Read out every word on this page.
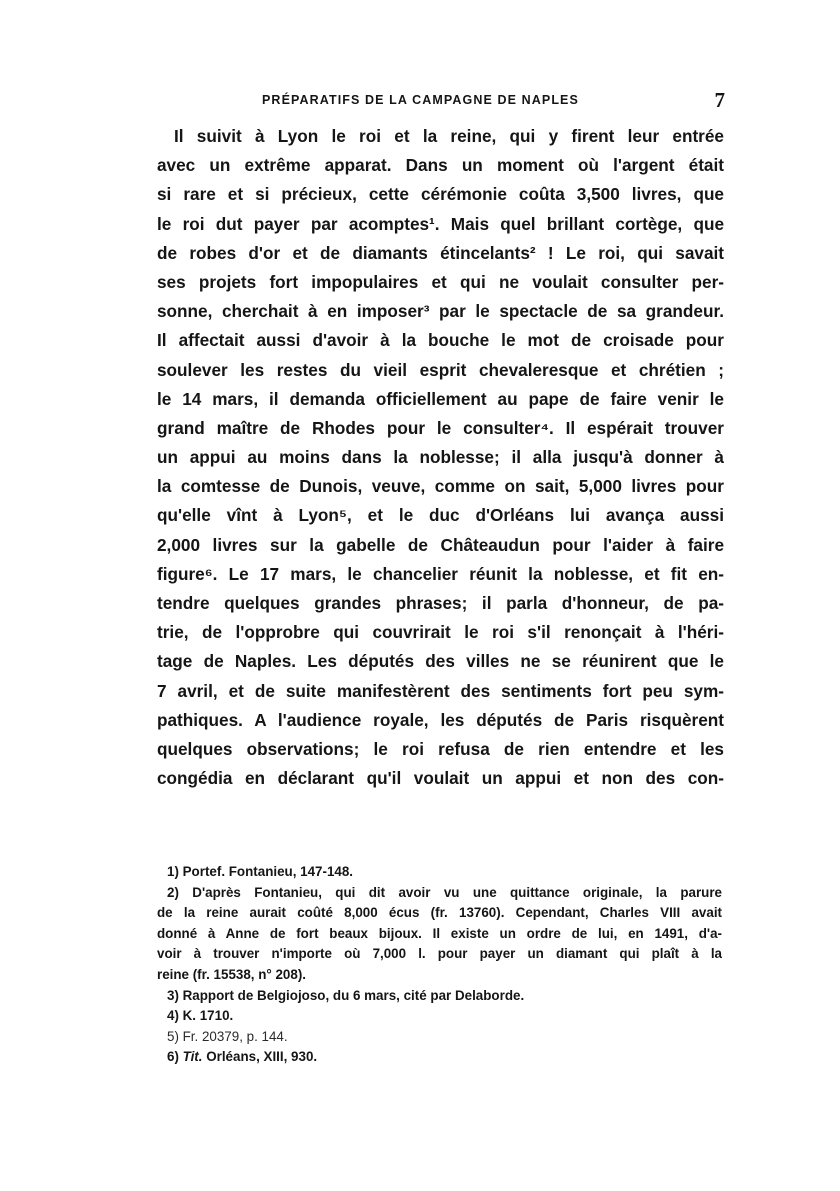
PRÉPARATIFS DE LA CAMPAGNE DE NAPLES	7
Il suivit à Lyon le roi et la reine, qui y firent leur entrée
avec un extrême apparat. Dans un moment où l'argent était
si rare et si précieux, cette cérémonie coûta 3,500 livres, que
le roi dut payer par acomptes¹. Mais quel brillant cortège, que
de robes d'or et de diamants étincelants² ! Le roi, qui savait
ses projets fort impopulaires et qui ne voulait consulter per-
sonne, cherchait à en imposer³ par le spectacle de sa grandeur.
Il affectait aussi d'avoir à la bouche le mot de croisade pour
soulever les restes du vieil esprit chevaleresque et chrétien ;
le 14 mars, il demanda officiellement au pape de faire venir le
grand maître de Rhodes pour le consulter⁴. Il espérait trouver
un appui au moins dans la noblesse; il alla jusqu'à donner à
la comtesse de Dunois, veuve, comme on sait, 5,000 livres pour
qu'elle vînt à Lyon⁵, et le duc d'Orléans lui avança aussi
2,000 livres sur la gabelle de Châteaudun pour l'aider à faire
figure⁶. Le 17 mars, le chancelier réunit la noblesse, et fit en-
tendre quelques grandes phrases; il parla d'honneur, de pa-
trie, de l'opprobre qui couvrirait le roi s'il renonçait à l'héri-
tage de Naples. Les députés des villes ne se réunirent que le
7 avril, et de suite manifestèrent des sentiments fort peu sym-
pathiques. A l'audience royale, les députés de Paris risquèrent
quelques observations; le roi refusa de rien entendre et les
congédia en déclarant qu'il voulait un appui et non des con-
1) Portef. Fontanieu, 147-148.
2) D'après Fontanieu, qui dit avoir vu une quittance originale, la parure
de la reine aurait coûté 8,000 écus (fr. 13760). Cependant, Charles VIII avait
donné à Anne de fort beaux bijoux. Il existe un ordre de lui, en 1491, d'a-
voir à trouver n'importe où 7,000 l. pour payer un diamant qui plaît à la
reine (fr. 15538, n° 208).
3) Rapport de Belgiojoso, du 6 mars, cité par Delaborde.
4) K. 1710.
5) Fr. 20379, p. 144.
6) Tit. Orléans, XIII, 930.
